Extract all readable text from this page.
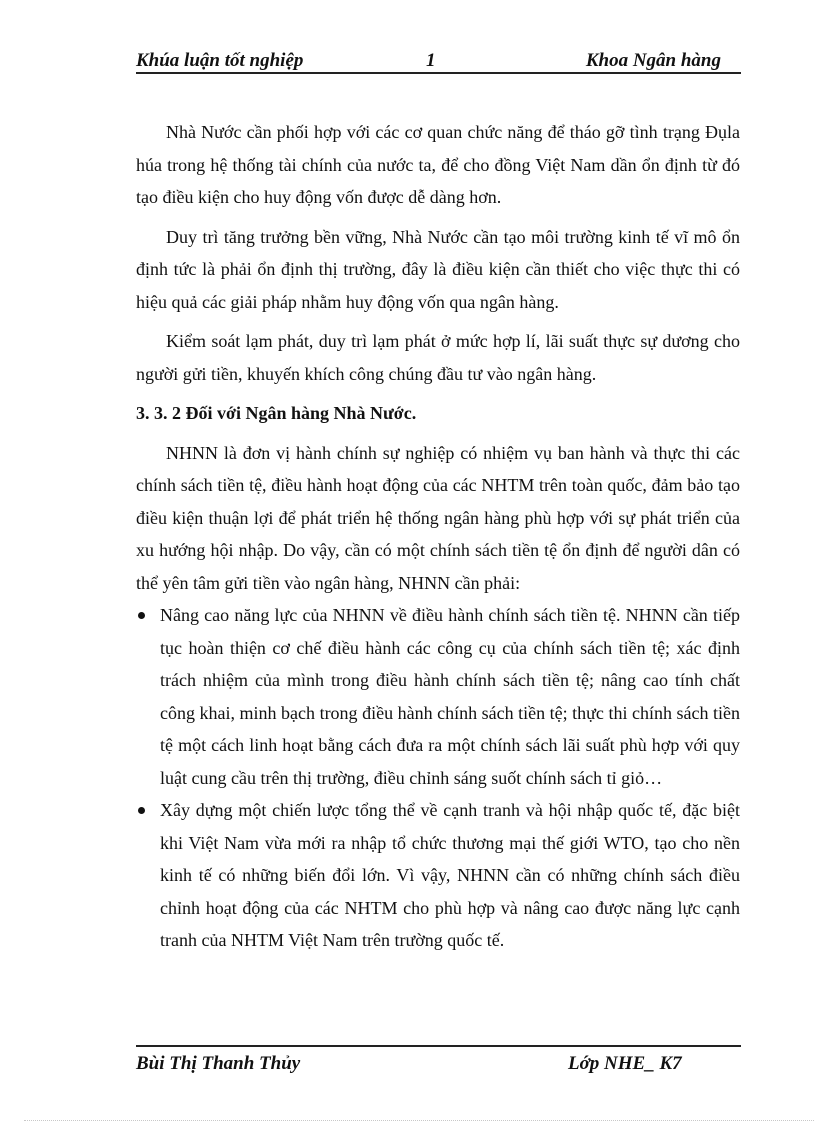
Khúa luận tốt nghiệp	1	Khoa Ngân hàng

Nhà Nước cần phối hợp với các cơ quan chức năng để tháo gỡ tình trạng Đụla húa trong hệ thống tài chính của nước ta, để cho đồng Việt Nam dần ổn định từ đó tạo điều kiện cho huy động vốn được dễ dàng hơn.

Duy trì tăng trưởng bền vững, Nhà Nước cần tạo môi trường kinh tế vĩ mô ổn định tức là phải ổn định thị trường, đây là điều kiện cần thiết cho việc thực thi có hiệu quả các giải pháp nhằm huy động vốn qua ngân hàng.

Kiểm soát lạm phát, duy trì lạm phát ở mức hợp lí, lãi suất thực sự dương cho người gửi tiền, khuyến khích công chúng đầu tư vào ngân hàng.

3. 3. 2 Đối với Ngân hàng Nhà Nước.

NHNN là đơn vị hành chính sự nghiệp có nhiệm vụ ban hành và thực thi các chính sách tiền tệ, điều hành hoạt động của các NHTM trên toàn quốc, đảm bảo tạo điều kiện thuận lợi để phát triển hệ thống ngân hàng phù hợp với sự phát triển của xu hướng hội nhập. Do vậy, cần có một chính sách tiền tệ ổn định để người dân có thể yên tâm gửi tiền vào ngân hàng, NHNN cần phải:

Nâng cao năng lực của NHNN về điều hành chính sách tiền tệ. NHNN cần tiếp tục hoàn thiện cơ chế điều hành các công cụ của chính sách tiền tệ; xác định trách nhiệm của mình trong điều hành chính sách tiền tệ; nâng cao tính chất công khai, minh bạch trong điều hành chính sách tiền tệ; thực thi chính sách tiền tệ một cách linh hoạt bằng cách đưa ra một chính sách lãi suất phù hợp với quy luật cung cầu trên thị trường, điều chỉnh sáng suốt chính sách tỉ giỏ…
Xây dựng một chiến lược tổng thể về cạnh tranh và hội nhập quốc tế, đặc biệt khi Việt Nam vừa mới ra nhập tổ chức thương mại thế giới WTO, tạo cho nền kinh tế có những biến đổi lớn. Vì vậy, NHNN cần có những chính sách điều chỉnh hoạt động của các NHTM cho phù hợp và nâng cao được năng lực cạnh tranh của NHTM Việt Nam trên trường quốc tế.
Bùi Thị Thanh Thủy	Lớp NHE_ K7
